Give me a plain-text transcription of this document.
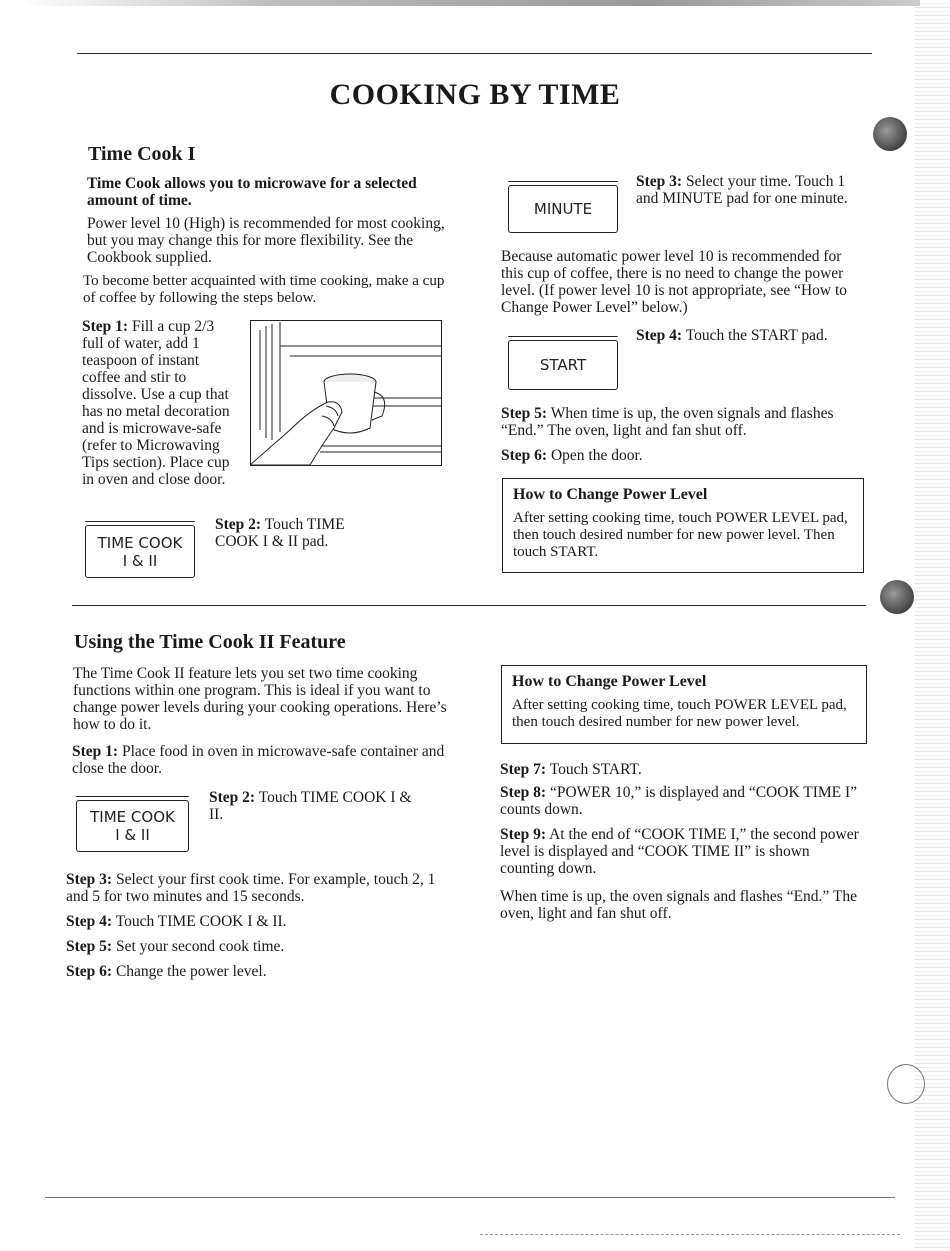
COOKING BY TIME
Time Cook I

Time Cook allows you to microwave for a selected amount of time.

Power level 10 (High) is recommended for most cooking, but you may change this for more flexibility. See the Cookbook supplied.

To become better acquainted with time cooking, make a cup of coffee by following the steps below.

Step 1: Fill a cup 2/3 full of water, add 1 teaspoon of instant coffee and stir to dissolve. Use a cup that has no metal decoration and is microwave-safe (refer to Microwaving Tips section). Place cup in oven and close door.

TIME COOK
I & II

Step 2: Touch TIME COOK I & II pad.

MINUTE

Step 3: Select your time. Touch 1 and MINUTE pad for one minute.

Because automatic power level 10 is recommended for this cup of coffee, there is no need to change the power level. (If power level 10 is not appropriate, see “How to Change Power Level” below.)

START

Step 4: Touch the START pad.

Step 5: When time is up, the oven signals and flashes “End.” The oven, light and fan shut off.

Step 6: Open the door.

How to Change Power Level

After setting cooking time, touch POWER LEVEL pad, then touch desired number for new power level. Then touch START.

Using the Time Cook II Feature

The Time Cook II feature lets you set two time cooking functions within one program. This is ideal if you want to change power levels during your cooking operations. Here’s how to do it.

Step 1: Place food in oven in microwave-safe container and close the door.

TIME COOK
I & II

Step 2: Touch TIME COOK I & II.

Step 3: Select your first cook time. For example, touch 2, 1 and 5 for two minutes and 15 seconds.

Step 4: Touch TIME COOK I & II.

Step 5: Set your second cook time.

Step 6: Change the power level.

How to Change Power Level

After setting cooking time, touch POWER LEVEL pad, then touch desired number for new power level.

Step 7: Touch START.

Step 8: “POWER 10,” is displayed and “COOK TIME I” counts down.

Step 9: At the end of “COOK TIME I,” the second power level is displayed and “COOK TIME II” is shown counting down.

When time is up, the oven signals and flashes “End.” The oven, light and fan shut off.
